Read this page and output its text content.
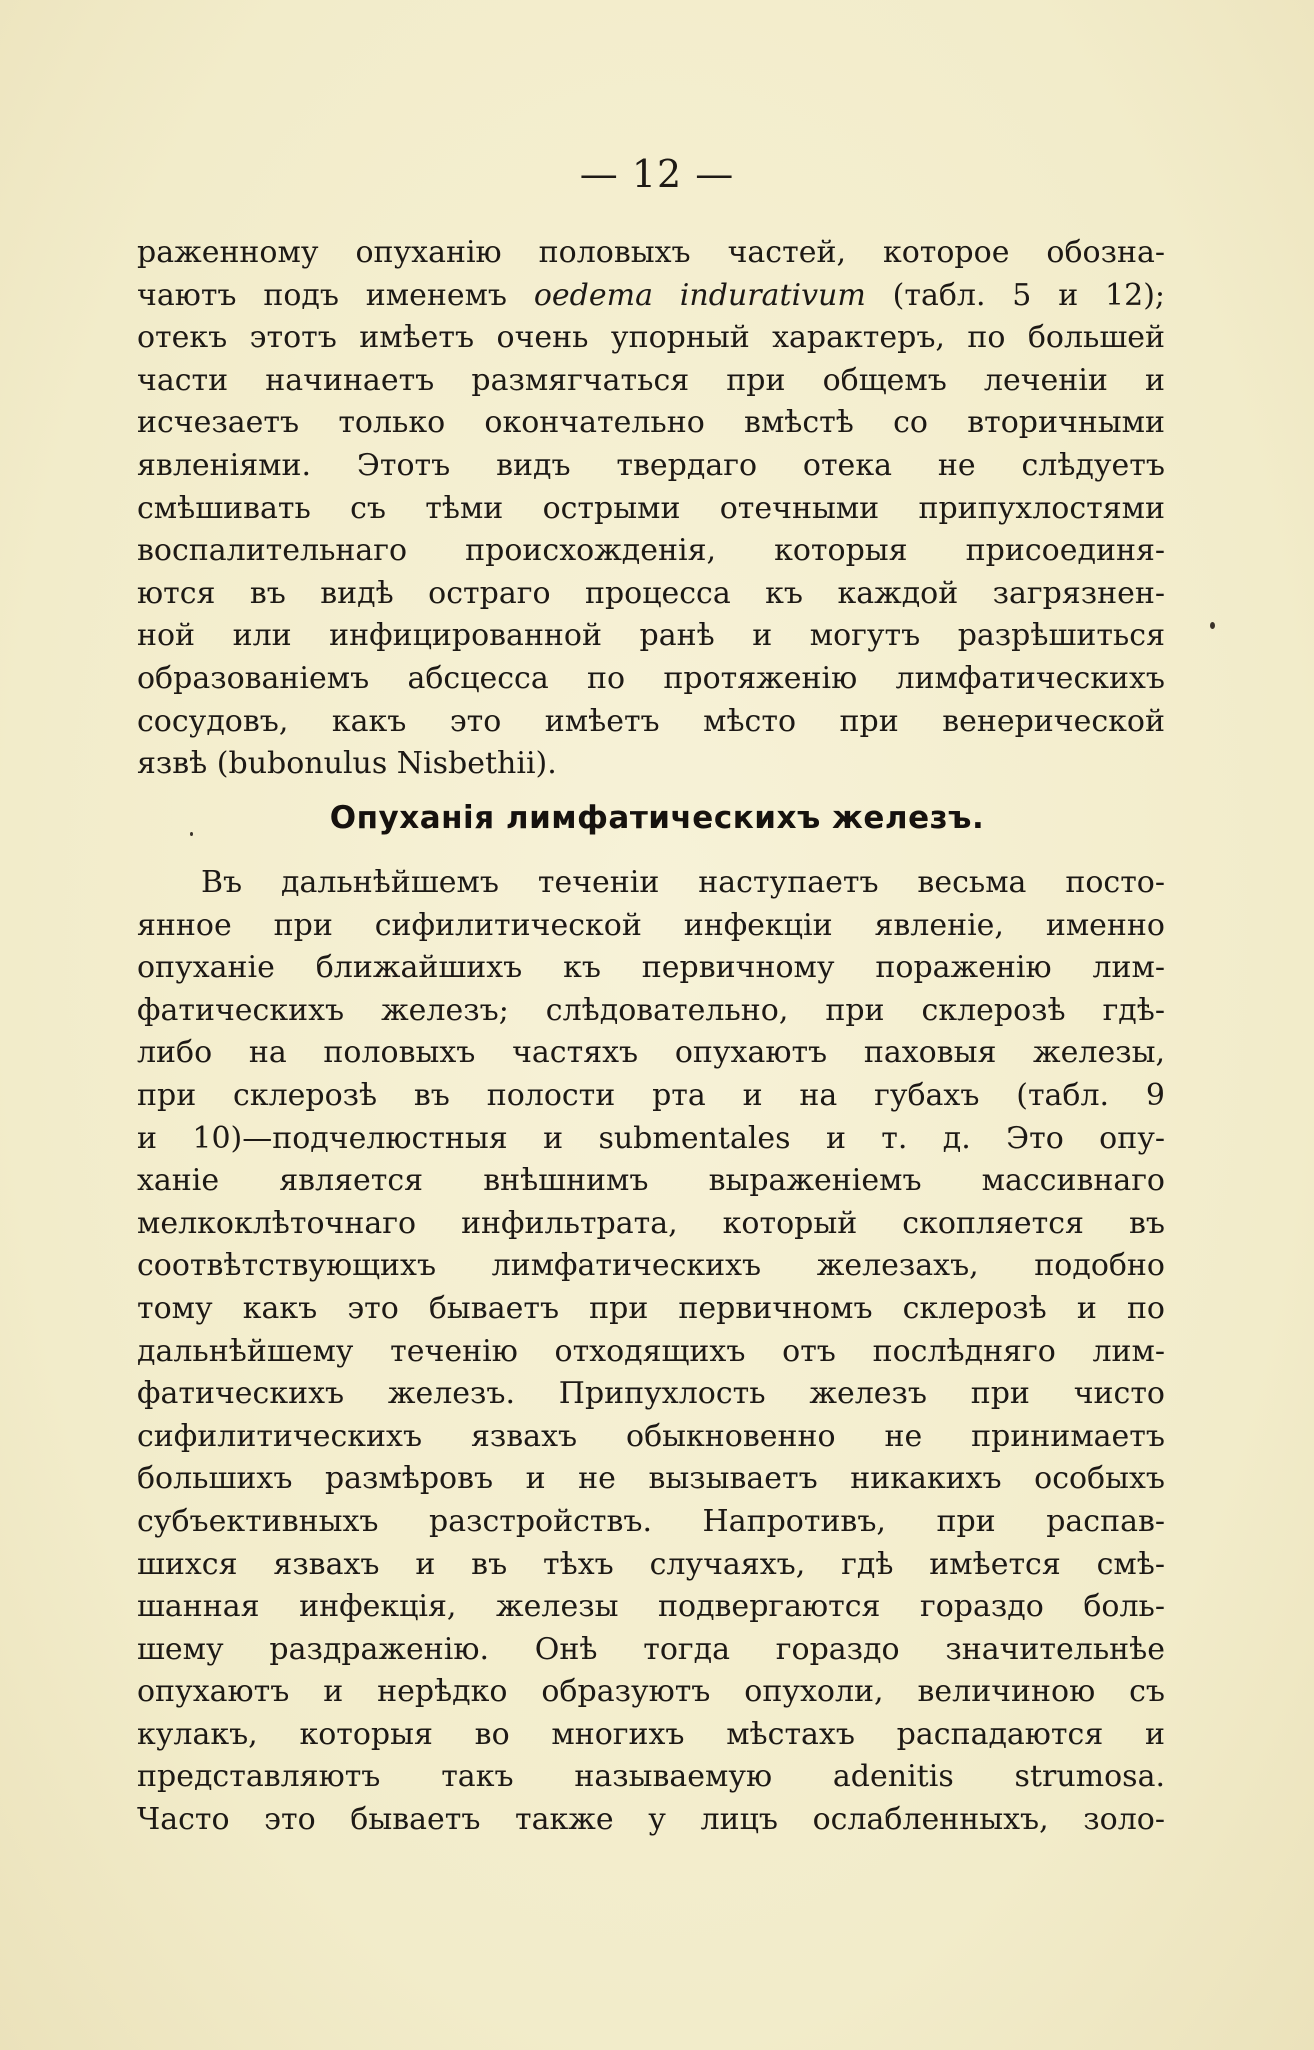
— 12 —
раженному опуханію половыхъ частей, которое обозна-
чаютъ подъ именемъ oedema indurativum (табл. 5 и 12);
отекъ этотъ имѣетъ очень упорный характеръ, по большей
части начинаетъ размягчаться при общемъ леченіи и
исчезаетъ только окончательно вмѣстѣ со вторичными
явленіями. Этотъ видъ твердаго отека не слѣдуетъ
смѣшивать съ тѣми острыми отечными припухлостями
воспалительнаго происхожденія, которыя присоединя-
ются въ видѣ остраго процесса къ каждой загрязнен-
ной или инфицированной ранѣ и могутъ разрѣшиться
образованіемъ абсцесса по протяженію лимфатическихъ
сосудовъ, какъ это имѣетъ мѣсто при венерической
язвѣ (bubonulus Nisbethii).
Опуханія лимфатическихъ железъ.
Въ дальнѣйшемъ теченіи наступаетъ весьма посто-
янное при сифилитической инфекціи явленіе, именно
опуханіе ближайшихъ къ первичному пораженію лим-
фатическихъ железъ; слѣдовательно, при склерозѣ гдѣ-
либо на половыхъ частяхъ опухаютъ паховыя железы,
при склерозѣ въ полости рта и на губахъ (табл. 9
и 10)—подчелюстныя и submentales и т. д. Это опу-
ханіе является внѣшнимъ выраженіемъ массивнаго
мелкоклѣточнаго инфильтрата, который скопляется въ
соотвѣтствующихъ лимфатическихъ железахъ, подобно
тому какъ это бываетъ при первичномъ склерозѣ и по
дальнѣйшему теченію отходящихъ отъ послѣдняго лим-
фатическихъ железъ. Припухлость железъ при чисто
сифилитическихъ язвахъ обыкновенно не принимаетъ
большихъ размѣровъ и не вызываетъ никакихъ особыхъ
субъективныхъ разстройствъ. Напротивъ, при распав-
шихся язвахъ и въ тѣхъ случаяхъ, гдѣ имѣется смѣ-
шанная инфекція, железы подвергаются гораздо боль-
шему раздраженію. Онѣ тогда гораздо значительнѣе
опухаютъ и нерѣдко образуютъ опухоли, величиною съ
кулакъ, которыя во многихъ мѣстахъ распадаются и
представляютъ такъ называемую adenitis strumosa.
Часто это бываетъ также у лицъ ослабленныхъ, золо-
